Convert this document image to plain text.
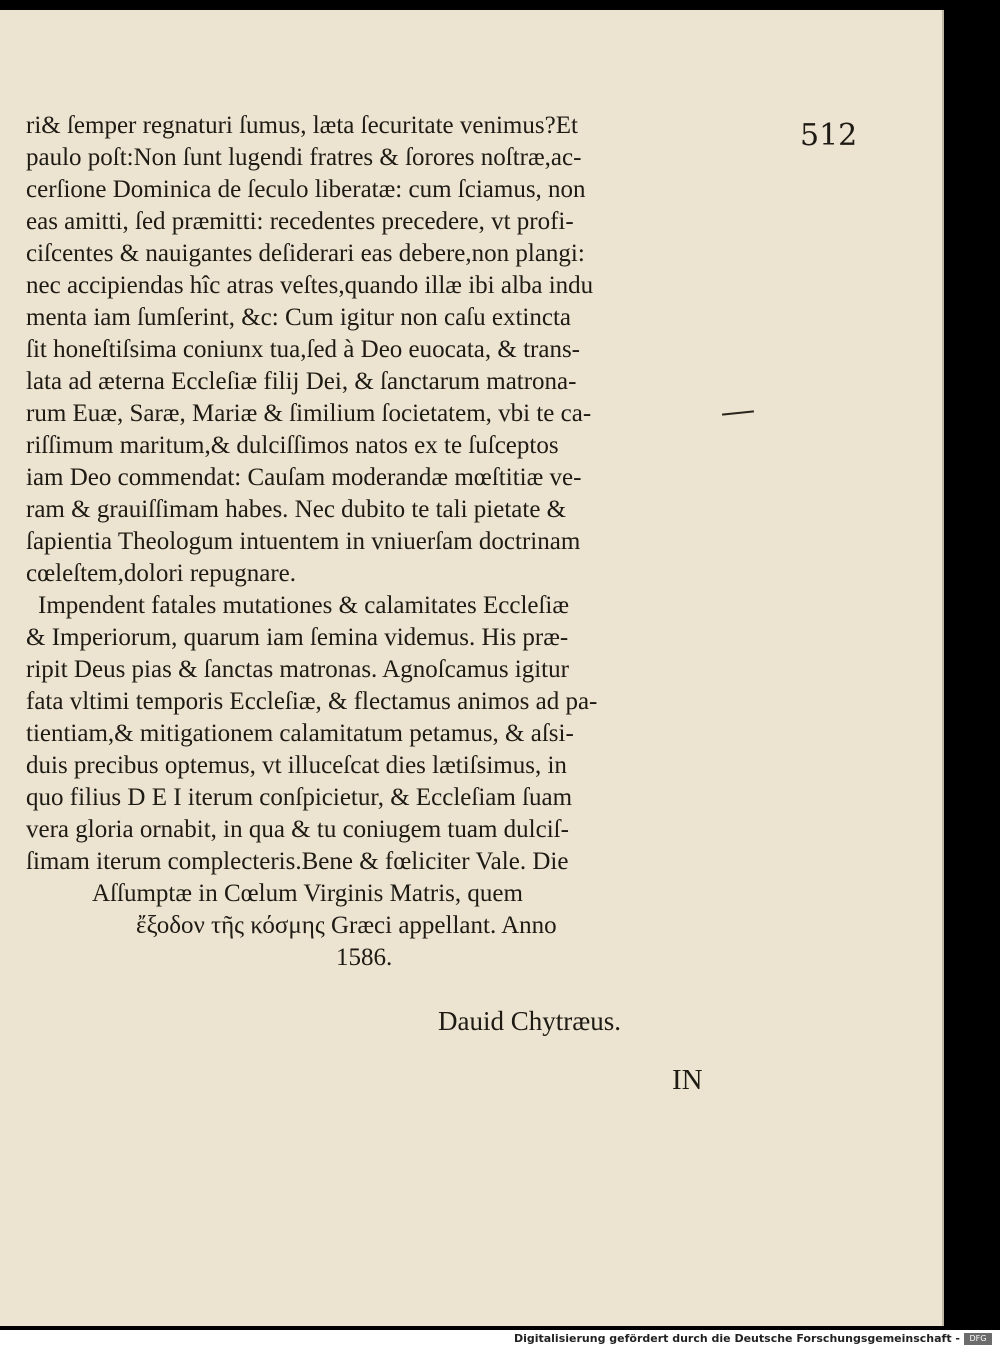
512
ri& ſemper regnaturi ſumus, læta ſecuritate venimus?Et
paulo poſt:Non ſunt lugendi fratres & ſorores noſtræ,ac-
cerſione Dominica de ſeculo liberatæ: cum ſciamus, non
eas amitti, ſed præmitti: recedentes precedere, vt profi-
ciſcentes & nauigantes deſiderari eas debere,non plangi:
nec accipiendas hîc atras veſtes,quando illæ ibi alba indu
menta iam ſumſerint, &c: Cum igitur non caſu extincta
ſit honeſtiſsima coniunx tua,ſed à Deo euocata, & trans-
lata ad æterna Eccleſiæ filij Dei, & ſanctarum matrona-
rum Euæ, Saræ, Mariæ & ſimilium ſocietatem, vbi te ca-
riſſimum maritum,& dulciſſimos natos ex te ſuſceptos
iam Deo commendat: Cauſam moderandæ mœſtitiæ ve-
ram & grauiſſimam habes. Nec dubito te tali pietate &
ſapientia Theologum intuentem in vniuerſam doctrinam
cœleſtem,dolori repugnare.
Impendent fatales mutationes & calamitates Eccleſiæ
& Imperiorum, quarum iam ſemina videmus. His præ-
ripit Deus pias & ſanctas matronas. Agnoſcamus igitur
fata vltimi temporis Eccleſiæ, & flectamus animos ad pa-
tientiam,& mitigationem calamitatum petamus, & aſsi-
duis precibus optemus, vt illuceſcat dies lætiſsimus, in
quo filius D E I iterum conſpicietur, & Eccleſiam ſuam
vera gloria ornabit, in qua & tu coniugem tuam dulciſ-
ſimam iterum complecteris.Bene & fœliciter Vale. Die
Aſſumptæ in Cœlum Virginis Matris, quem
ἔξοδον τῆς κόσμης Græci appellant. Anno
1586.
Dauid Chytræus.
IN
Digitalisierung gefördert durch die Deutsche Forschungsgemeinschaft -	DFG
